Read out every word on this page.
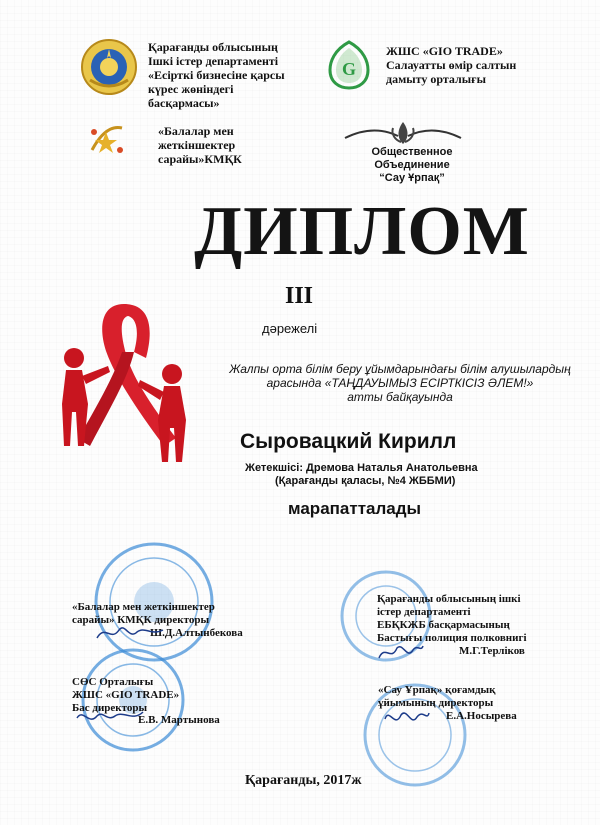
Қарағанды облысының
Ішкі істер департаменті
«Есірткі бизнесіне қарсы
күрес жөніндегі
басқармасы»
G
ЖШС «GIO TRADE»
Салауатты өмір салтын
дамыту орталығы
«Балалар мен
жеткіншектер
сарайы»КМҚК	Общественное Объединение
“Сау Ұрпақ”
ДИПЛОМ
III
дәрежелі
Жалпы орта білім беру ұйымдарындағы білім алушылардың
арасында «ТАҢДАУЫМЫЗ ЕСІРТКІСІЗ ӘЛЕМ!»
атты байқауында
Сыровацкий Кирилл
Жетекшісі: Дремова Наталья Анатольевна
(Қарағанды қаласы, №4 ЖББМИ)
марапатталады
«Балалар мен жеткіншектер
сарайы» КМҚК директоры
Ш.Д.Алтынбекова
СӨС Орталығы
ЖШС «GIO TRADE»
Бас директоры
Е.В. Мартынова
Қарағанды облысының ішкі
істер департаменті
ЕБҚКЖБ басқармасының
Бастығы полиция полковнигі
М.Г.Терліков
«Сау Ұрпақ» қоғамдық
ұйымының директоры
Е.А.Носырева
Қарағанды, 2017ж
